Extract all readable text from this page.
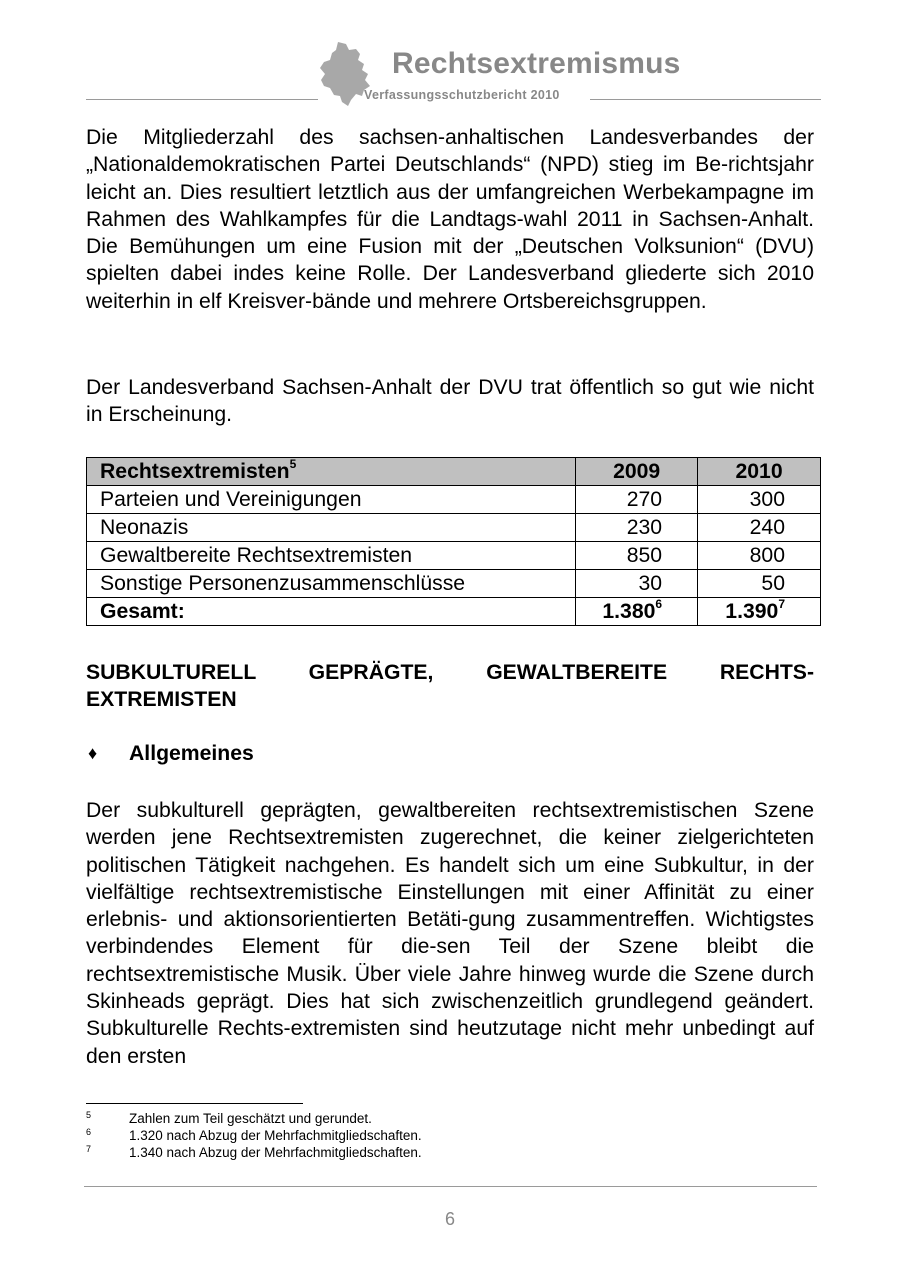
Rechtsextremismus
Verfassungsschutzbericht 2010

Die Mitgliederzahl des sachsen-anhaltischen Landesverbandes der „Nationaldemokratischen Partei Deutschlands“ (NPD) stieg im Be-richtsjahr leicht an. Dies resultiert letztlich aus der umfangreichen Werbekampagne im Rahmen des Wahlkampfes für die Landtags-wahl 2011 in Sachsen-Anhalt. Die Bemühungen um eine Fusion mit der „Deutschen Volksunion“ (DVU) spielten dabei indes keine Rolle. Der Landesverband gliederte sich 2010 weiterhin in elf Kreisver-bände und mehrere Ortsbereichsgruppen.

Der Landesverband Sachsen-Anhalt der DVU trat öffentlich so gut wie nicht in Erscheinung.

Rechtsextremisten$^5$	2009	2010
Parteien und Vereinigungen	270	300
Neonazis	230	240
Gewaltbereite Rechtsextremisten	850	800
Sonstige Personenzusammenschlüsse	30	50
Gesamt:	1.380$^6$	1.390$^7$

SUBKULTURELL GEPRÄGTE, GEWALTBEREITE RECHTS-EXTREMISTEN

♦ Allgemeines

Der subkulturell geprägten, gewaltbereiten rechtsextremistischen Szene werden jene Rechtsextremisten zugerechnet, die keiner zielgerichteten politischen Tätigkeit nachgehen. Es handelt sich um eine Subkultur, in der vielfältige rechtsextremistische Einstellungen mit einer Affinität zu einer erlebnis- und aktionsorientierten Betäti-gung zusammentreffen. Wichtigstes verbindendes Element für die-sen Teil der Szene bleibt die rechtsextremistische Musik. Über viele Jahre hinweg wurde die Szene durch Skinheads geprägt. Dies hat sich zwischenzeitlich grundlegend geändert. Subkulturelle Rechts-extremisten sind heutzutage nicht mehr unbedingt auf den ersten

5	Zahlen zum Teil geschätzt und gerundet.
6	1.320 nach Abzug der Mehrfachmitgliedschaften.
7	1.340 nach Abzug der Mehrfachmitgliedschaften.
6
